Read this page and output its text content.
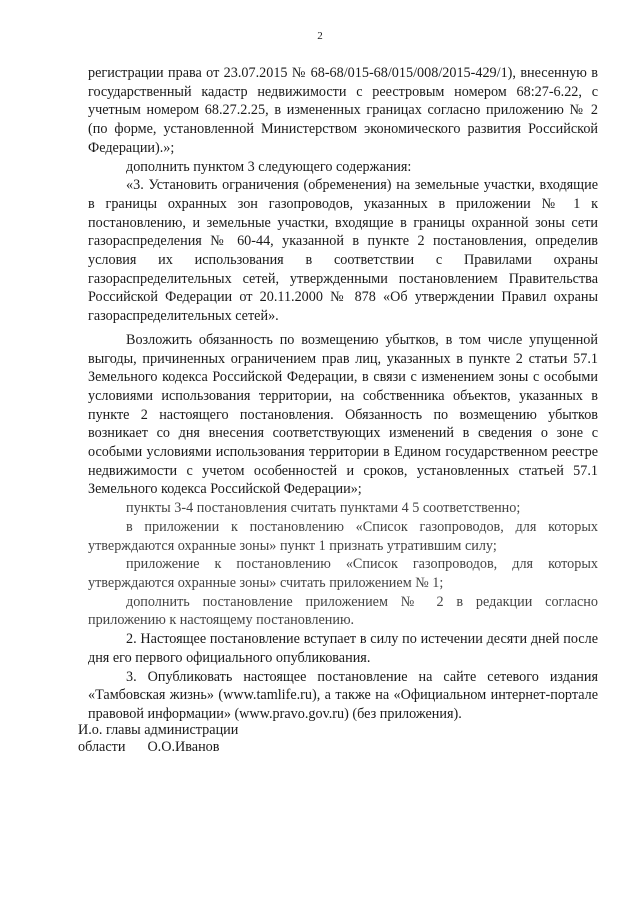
2

регистрации права от 23.07.2015 № 68-68/015-68/015/008/2015-429/1), внесенную в государственный кадастр недвижимости с реестровым номером 68:27-6.22, с учетным номером 68.27.2.25, в измененных границах согласно приложению № 2 (по форме, установленной Министерством экономического развития Российской Федерации).»;

дополнить пунктом 3 следующего содержания:

«3. Установить ограничения (обременения) на земельные участки, входящие в границы охранных зон газопроводов, указанных в приложении № 1 к постановлению, и земельные участки, входящие в границы охранной зоны сети газораспределения № 60-44, указанной в пункте 2 постановления, определив условия их использования в соответствии с Правилами охраны газораспределительных сетей, утвержденными постановлением Правительства Российской Федерации от 20.11.2000 № 878 «Об утверждении Правил охраны газораспределительных сетей».

Возложить обязанность по возмещению убытков, в том числе упущенной выгоды, причиненных ограничением прав лиц, указанных в пункте 2 статьи 57.1 Земельного кодекса Российской Федерации, в связи с изменением зоны с особыми условиями использования территории, на собственника объектов, указанных в пункте 2 настоящего постановления. Обязанность по возмещению убытков возникает со дня внесения соответствующих изменений в сведения о зоне с особыми условиями использования территории в Едином государственном реестре недвижимости с учетом особенностей и сроков, установленных статьей 57.1 Земельного кодекса Российской Федерации»;

пункты 3-4 постановления считать пунктами 4 5 соответственно;

в приложении к постановлению «Список газопроводов, для которых утверждаются охранные зоны» пункт 1 признать утратившим силу;

приложение к постановлению «Список газопроводов, для которых утверждаются охранные зоны» считать приложением № 1;

дополнить постановление приложением № 2 в редакции согласно приложению к настоящему постановлению.

2. Настоящее постановление вступает в силу по истечении десяти дней после дня его первого официального опубликования.

3. Опубликовать настоящее постановление на сайте сетевого издания «Тамбовская жизнь» (www.tamlife.ru), а также на «Официальном интернет-портале правовой информации» (www.pravo.gov.ru) (без приложения).

И.о. главы администрации
области О.О.Иванов
